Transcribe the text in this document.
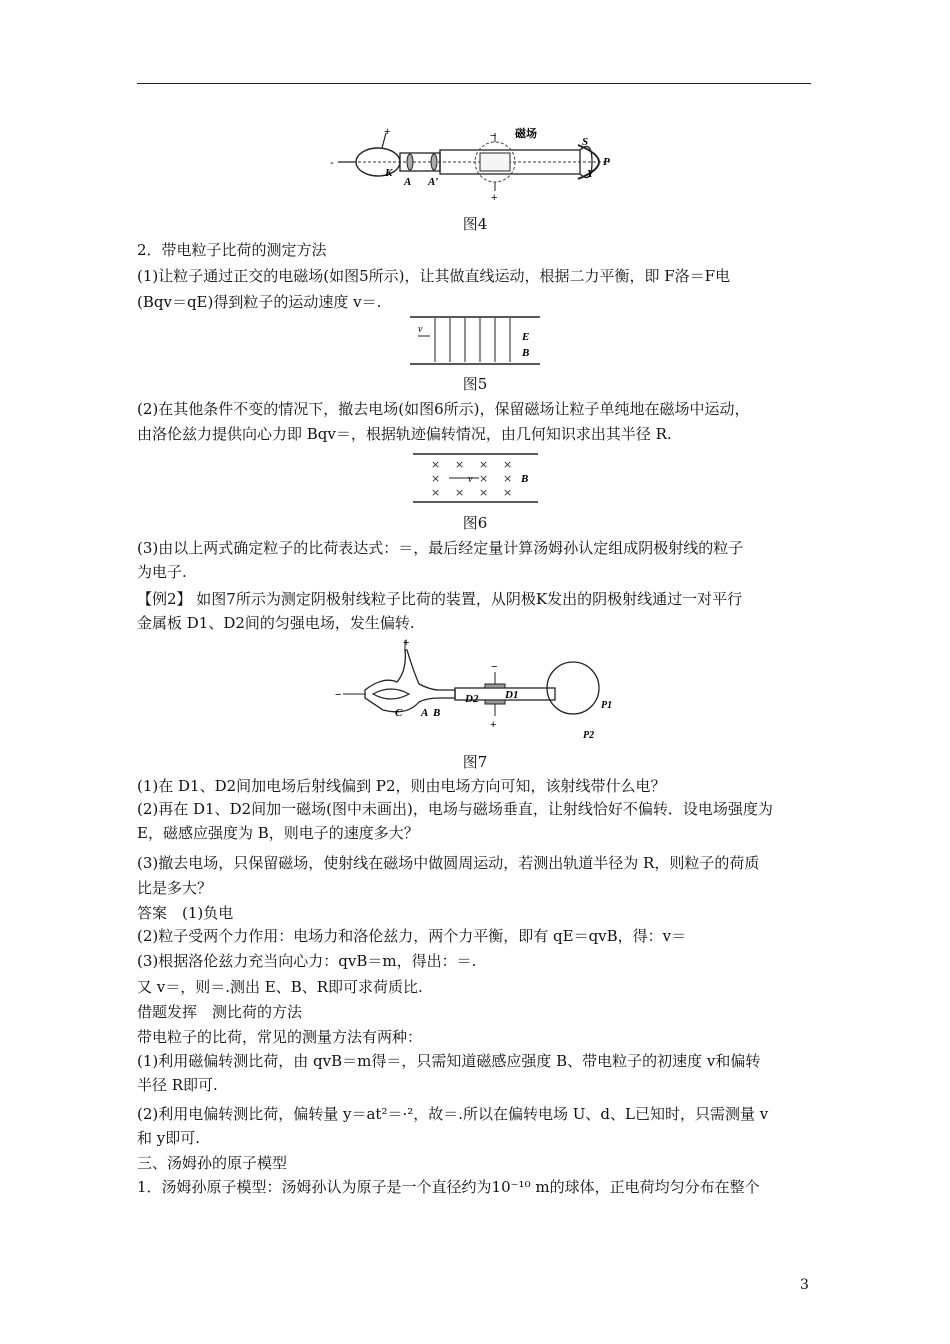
+
-
K
A A′
− 磁场
+
S
P
Y
图4
2．带电粒子比荷的测定方法
(1)让粒子通过正交的电磁场(如图5所示)，让其做直线运动，根据二力平衡，即 F洛＝F电
(Bqv＝qE)得到粒子的运动速度 v＝.
v
E
B
图5
(2)在其他条件不变的情况下，撤去电场(如图6所示)，保留磁场让粒子单纯地在磁场中运动，
由洛伦兹力提供向心力即 Bqv＝，根据轨迹偏转情况，由几何知识求出其半径 R.
× × × ×
×	× ×
× × × ×
v	B
图6
(3)由以上两式确定粒子的比荷表达式：＝，最后经定量计算汤姆孙认定组成阴极射线的粒子
为电子.
【例2】 如图7所示为测定阴极射线粒子比荷的装置，从阴极K发出的阴极射线通过一对平行
金属板 D1、D2间的匀强电场，发生偏转.
+
−
C A B
D2 D1
−
+
P1
P2
图7
(1)在 D1、D2间加电场后射线偏到 P2，则由电场方向可知，该射线带什么电？
(2)再在 D1、D2间加一磁场(图中未画出)，电场与磁场垂直，让射线恰好不偏转．设电场强度为
E，磁感应强度为 B，则电子的速度多大？
(3)撤去电场，只保留磁场，使射线在磁场中做圆周运动，若测出轨道半径为 R，则粒子的荷质
比是多大？
答案　(1)负电
(2)粒子受两个力作用：电场力和洛伦兹力，两个力平衡，即有 qE＝qvB，得：v＝
(3)根据洛伦兹力充当向心力：qvB＝m，得出：＝.
又 v＝，则＝.测出 E、B、R即可求荷质比.
借题发挥　测比荷的方法
带电粒子的比荷，常见的测量方法有两种：
(1)利用磁偏转测比荷，由 qvB＝m得＝，只需知道磁感应强度 B、带电粒子的初速度 v和偏转
半径 R即可.
(2)利用电偏转测比荷，偏转量 y＝at²＝·²，故＝.所以在偏转电场 U、d、L已知时，只需测量 v
和 y即可.
三、汤姆孙的原子模型
1．汤姆孙原子模型：汤姆孙认为原子是一个直径约为10⁻¹⁰ m的球体，正电荷均匀分布在整个
3
